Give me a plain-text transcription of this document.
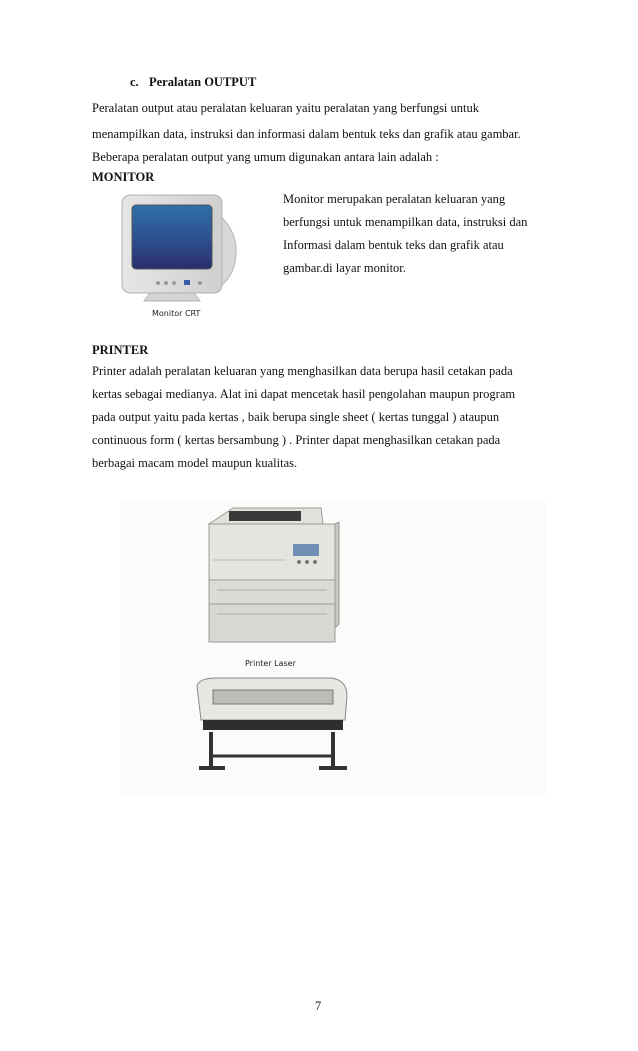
c. Peralatan OUTPUT
Peralatan output atau peralatan keluaran yaitu peralatan yang berfungsi untuk
menampilkan data, instruksi dan informasi dalam bentuk teks dan grafik atau gambar.
Beberapa peralatan output yang umum digunakan antara lain adalah :
MONITOR
Monitor CRT
Monitor merupakan peralatan keluaran yang
berfungsi untuk menampilkan data, instruksi dan
Informasi dalam bentuk teks dan grafik atau
gambar.di layar monitor.
PRINTER
Printer adalah peralatan keluaran yang menghasilkan data berupa hasil cetakan pada
kertas sebagai medianya. Alat ini dapat mencetak hasil pengolahan maupun program
pada output yaitu pada kertas , baik berupa single sheet ( kertas tunggal ) ataupun
continuous form ( kertas bersambung ) . Printer dapat menghasilkan cetakan pada
berbagai macam model maupun kualitas.
Printer Laser
7
